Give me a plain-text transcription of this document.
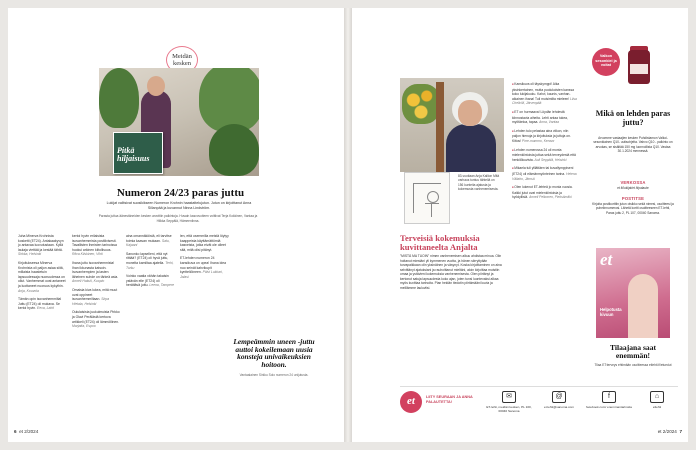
Meidän
kesken
Pitkä
hiljaisuus
Numeron 24/23 paras juttu
Lukijat valitsivat suosikikseen Numeron Krohnin haastattelujutun. Jutun on kirjoittanut Anna Sillanpää ja kuvannut Ninna Lindström.
Parasta juttua äänestäneiden kesken arvottiin palkintoja. Huvain kasvovoiteen voittivat Terja Kokkinen, Vantaa ja Hilkka Seppälä, Hämeenlinna.

Juha Minerva Krohnista kosketti (ET24). Antakaakyvyn jo antavaa luovutustaan. Kyllä laulaja viettää ja kestää tähtä. Sirkka, Helsinki

Kirjoitukseesa Minerva Krohnista oli paljon asiaa siitä, millaista haastetuin lapsuudessaja nuoruudessa on ollut. Vanhemmat ovat antaneet ja luottaneet nuoruus kykyihin. Anja, Kouvola

Tämän opin isovanhemmilta! Juttu (ET24) oli mukava. Se kertoi hyvin. Eeva, Lahti

kertoi hyvin erilaisista isovanhemmista positiivisesti. Tavallisten ihmisten tarinoissa huokui arkinen kiitollisuus. Ritva Kiiskinen, Vihti

Ihana juttu isovanhemmista! Ihan ikkunasta katsoin. Isovanhempien ja lasten läheinen suhde on tärkeä asia. Anneli Hakuli, Kuopio

Omaisia kiva lukea, mitä muut ovat oppineet isovanhemmiltaan. Sirpa Hietala, Helsinki

Oululaisista juukulmuista Pirkko ja Olavi Perälästä kertova artikkeli (ET24) oli lämmöllinen. Marjatta, Espoo

aina omannäköistä, eli tarvitse toimia kaavan mukaan. Satu, Kajaani

Sanonko lapselleni, että nyt riittää? (ET24) oli hyvä juttu, monelta kamiltaa ajatella. Terhi, Turku

Voinko vaatia vähän takaisin ystävän elle (ET24) oli herättävä juttu. Leena, Tampere

len, että osemmilla meistä löytyy kaappeista käyttämättömiä kasveista, jotka eivät ole olleet sitä, mitä olisi pitänyt.

ET-lehden numeron 24 kansikuva on upea! Ihana idea nuo seinät kahvikupit kyntteliöineen. Päivi Lukkari, Jalasi

Lempeämmin uneen -juttu auttoi kokeilemaan uusia konsteja univaikeuksien hoitoon.
Vantaalainen Sirkku Solo numeron 24 unijutusta.
6 et 2/2024
83-vuotiaan Anja Kallion Mitä varhaus tuntuu tähteliä on 156 kunteita ajatusta ja kokemusta vanhenemisesta.
Terveisiä kokemuksia kuvittaneelta Anjalta
"MISTÄ MA TUOIN" nimen vanhenemisen alkuu ahdistaa minua. Olin hoitanut miestäni yli kymmenen vuotta, ja hänen siirryttyään turvapaikkaan olin yksinäinen ja väsynyt. Koska kirjoittaminen on aina selvittänyt ajatuksiani ja rauhoittanut mieltäni, aloin kirjoittaa muistiin omaa ja ystävieni kokemuksia vanhenemisesta. Olen piirtänyt ja kertonut satuja lapsuudesta koko ajan, joten tunsi luontevaksi alkaa myös kuvittaa tarinoita. Pian heidän tiedotin piirtämääni kuvia ja meillämme lauluviisi.

■ Kansikuva oli täyskymppi! Aika yksinkertainen, mutta puolukoisten kanssa koko lukijaluuku. Kahvi, kaunis, vanhan-aikainen ihana! Tuli muisimilta mieleen! Liisa Chellcilli, Järvenpää

■ ET on hurmaava! Löydän lehdestä kiinnostavia aiheita. Lehti antaa tukea, myötäeloa, tapaa. Anna, Vantaa

■ Lehden tulo pelastaa aina viikon, niin paljon hienoja ja kirjoituksia ja juttuja on. Kiitos! Pirre-mummo, Keravα

■ Lehden numerossa 24 oli monta mielenkiintoista juttua sekä terveydestä että henkilökuvista. Auli Seppälä, Helsinki

■ Mikaela tuli ylllättäen tai kuvallymppiseni (ET24) oli elämänmyönteinen tarina. Helena Väliaho, Jämsä

■ Olen lukenut ET-lehteä jo monia vuosia. Kaikki jutut ovat mielenkiintoisia ja hyödyllisiä. Anneli Pelkonen, Pieksämäki

Valkon sesonkiei ja voitat
Mikä on lehden paras juttu?
Arvomme vastaajien kesken Puhdistamon Valkoi-sesonkiainen Q10- uutisohjelta. Vahvo Q10 - palkinto on arvokas, se sisältää 150 mg luonnollista Q10. Vastaa 30.1.2024 mennessä.
VERKOSSA
et.fi/lukijat/et.fi/palaute
POSTITSE
Kirjoita postikorttiin jutun otsikko sekä nimesi, osoitteesi ja puhelinnumerosi. Lähetä kortti osoitteeseen ET-lehti, Paras juttu 2, PL 107, 00040 Sanoma.
et
Helpotusta kivuun
Tilaajana saat enemmän!
Tilaa ET:terveys ehtimään osoitteessa etlehti.fi/etuedut
et	LIITY SEURAAN JA ANNA PALAUTETTA!
✉
ET-lehti, meidän kesken, PL 100, 00040 Sanoma
@
et.lehti@sanoma.com
f
facebook.com/ enemmantarinoita
⌂
etlehti
et 2/2024 7
